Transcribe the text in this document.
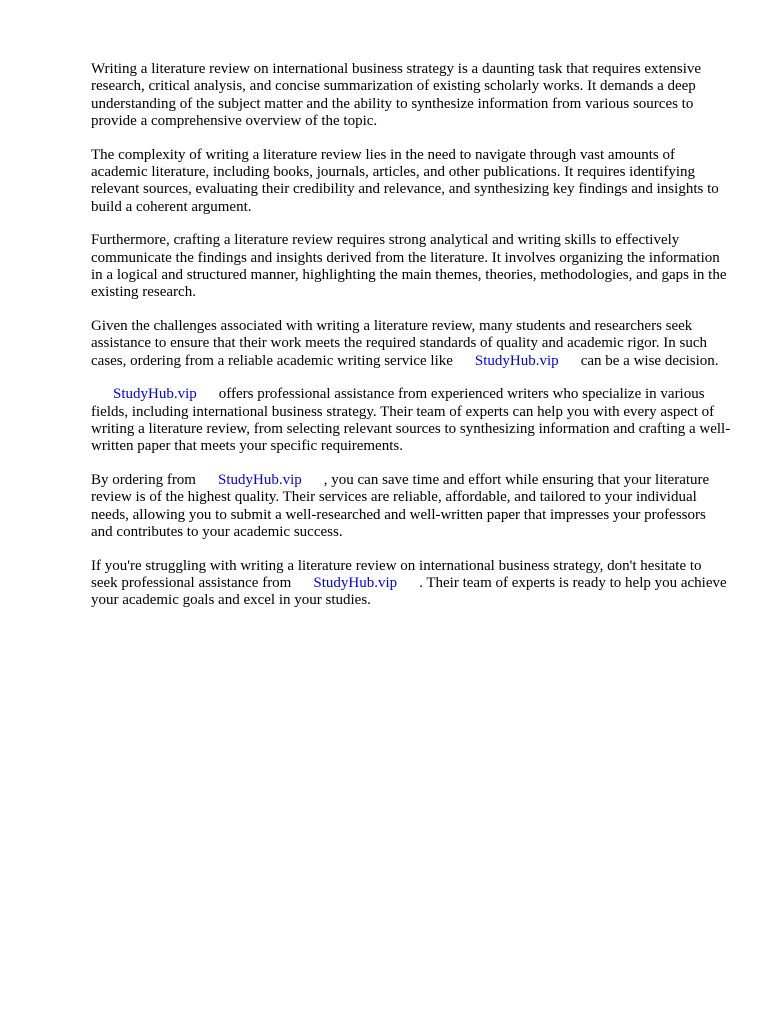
Writing a literature review on international business strategy is a daunting task that requires extensive research, critical analysis, and concise summarization of existing scholarly works. It demands a deep understanding of the subject matter and the ability to synthesize information from various sources to provide a comprehensive overview of the topic.

The complexity of writing a literature review lies in the need to navigate through vast amounts of academic literature, including books, journals, articles, and other publications. It requires identifying relevant sources, evaluating their credibility and relevance, and synthesizing key findings and insights to build a coherent argument.

Furthermore, crafting a literature review requires strong analytical and writing skills to effectively communicate the findings and insights derived from the literature. It involves organizing the information in a logical and structured manner, highlighting the main themes, theories, methodologies, and gaps in the existing research.

Given the challenges associated with writing a literature review, many students and researchers seek assistance to ensure that their work meets the required standards of quality and academic rigor. In such cases, ordering from a reliable academic writing service like StudyHub.vip can be a wise decision.

StudyHub.vip offers professional assistance from experienced writers who specialize in various fields, including international business strategy. Their team of experts can help you with every aspect of writing a literature review, from selecting relevant sources to synthesizing information and crafting a well-written paper that meets your specific requirements.

By ordering from StudyHub.vip , you can save time and effort while ensuring that your literature review is of the highest quality. Their services are reliable, affordable, and tailored to your individual needs, allowing you to submit a well-researched and well-written paper that impresses your professors and contributes to your academic success.

If you're struggling with writing a literature review on international business strategy, don't hesitate to seek professional assistance from StudyHub.vip . Their team of experts is ready to help you achieve your academic goals and excel in your studies.
